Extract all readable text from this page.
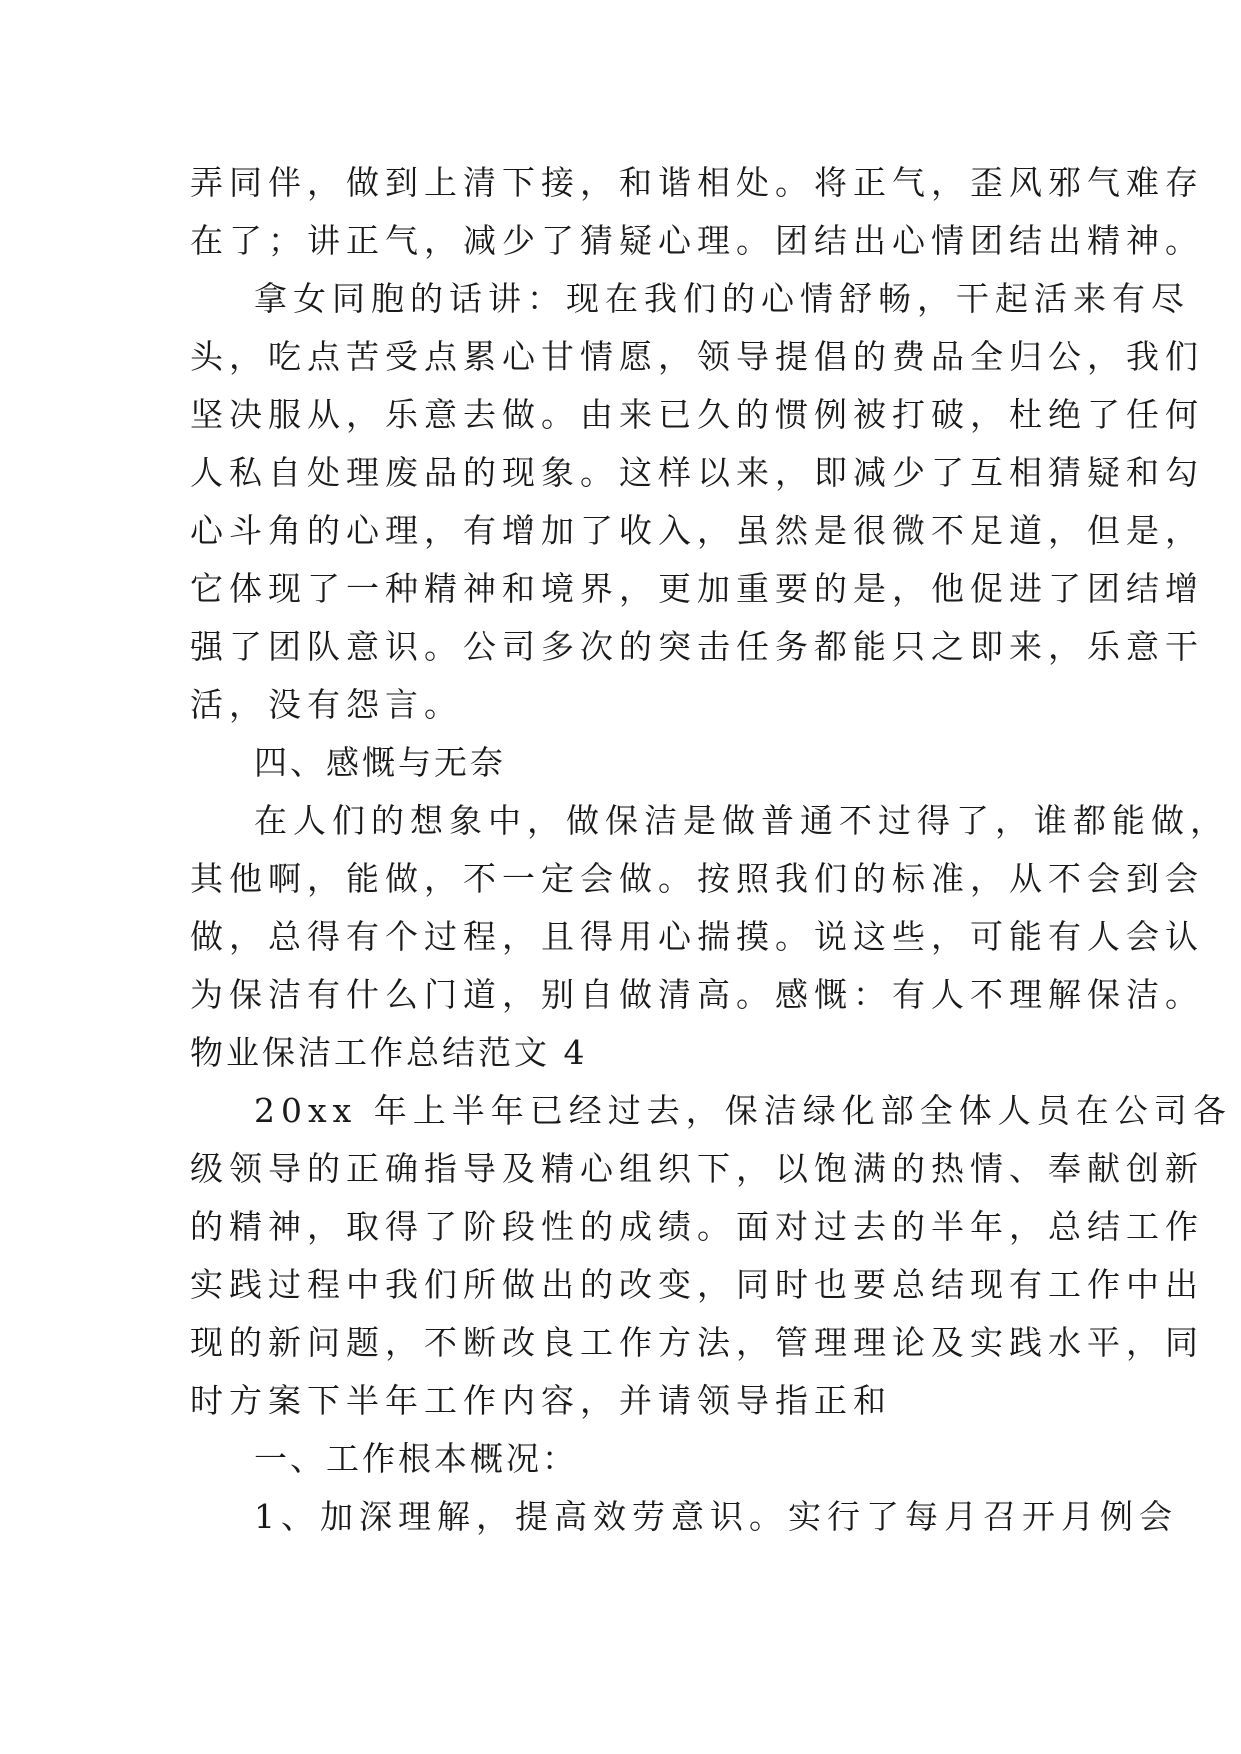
弄同伴，做到上清下接，和谐相处。将正气，歪风邪气难存
在了；讲正气，减少了猜疑心理。团结出心情团结出精神。
拿女同胞的话讲：现在我们的心情舒畅，干起活来有尽
头，吃点苦受点累心甘情愿，领导提倡的费品全归公，我们
坚决服从，乐意去做。由来已久的惯例被打破，杜绝了任何
人私自处理废品的现象。这样以来，即减少了互相猜疑和勾
心斗角的心理，有增加了收入，虽然是很微不足道，但是，
它体现了一种精神和境界，更加重要的是，他促进了团结增
强了团队意识。公司多次的突击任务都能只之即来，乐意干
活，没有怨言。
四、感慨与无奈
在人们的想象中，做保洁是做普通不过得了，谁都能做，
其他啊，能做，不一定会做。按照我们的标准，从不会到会
做，总得有个过程，且得用心揣摸。说这些，可能有人会认
为保洁有什么门道，别自做清高。感慨：有人不理解保洁。
物业保洁工作总结范文 4
20xx 年上半年已经过去，保洁绿化部全体人员在公司各
级领导的正确指导及精心组织下，以饱满的热情、奉献创新
的精神，取得了阶段性的成绩。面对过去的半年，总结工作
实践过程中我们所做出的改变，同时也要总结现有工作中出
现的新问题，不断改良工作方法，管理理论及实践水平，同
时方案下半年工作内容，并请领导指正和
一、工作根本概况：
1、加深理解，提高效劳意识。实行了每月召开月例会
